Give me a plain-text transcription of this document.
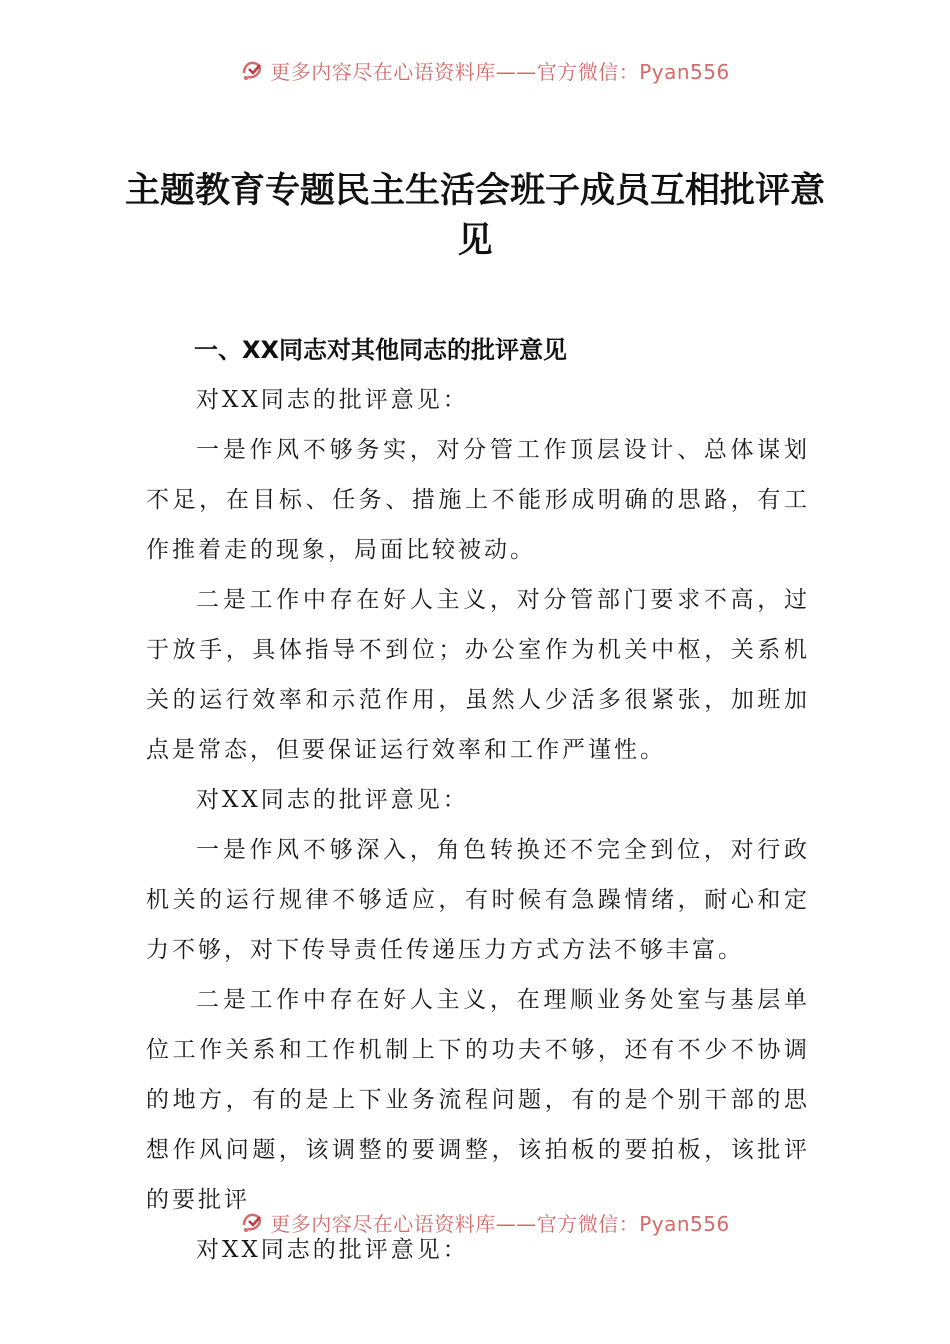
更多内容尽在心语资料库——官方微信：Pyan556
主题教育专题民主生活会班子成员互相批评意见
一、XX同志对其他同志的批评意见

对XX同志的批评意见：

一是作风不够务实，对分管工作顶层设计、总体谋划不足，在目标、任务、措施上不能形成明确的思路，有工作推着走的现象，局面比较被动。

二是工作中存在好人主义，对分管部门要求不高，过于放手，具体指导不到位；办公室作为机关中枢，关系机关的运行效率和示范作用，虽然人少活多很紧张，加班加点是常态，但要保证运行效率和工作严谨性。

对XX同志的批评意见：

一是作风不够深入，角色转换还不完全到位，对行政机关的运行规律不够适应，有时候有急躁情绪，耐心和定力不够，对下传导责任传递压力方式方法不够丰富。

二是工作中存在好人主义，在理顺业务处室与基层单位工作关系和工作机制上下的功夫不够，还有不少不协调的地方，有的是上下业务流程问题，有的是个别干部的思想作风问题，该调整的要调整，该拍板的要拍板，该批评的要批评

对XX同志的批评意见：

更多内容尽在心语资料库——官方微信：Pyan556
